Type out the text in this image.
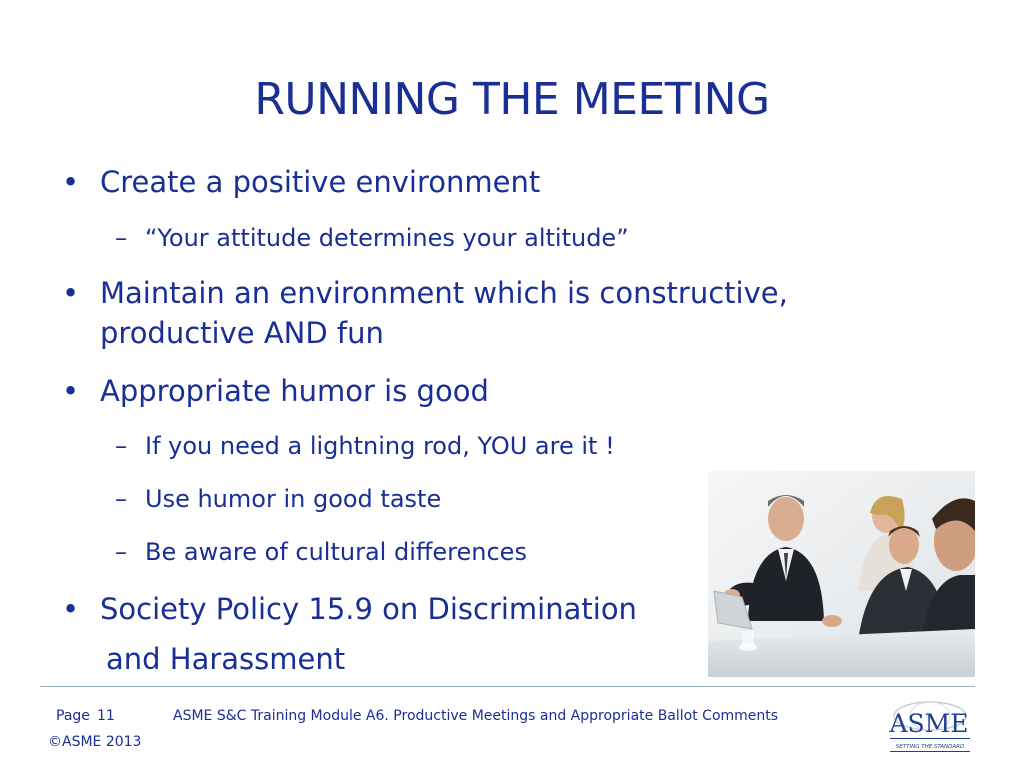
RUNNING THE MEETING
• Create a positive environment
– “Your attitude determines your altitude”
• Maintain an environment which is constructive,
productive AND fun
• Appropriate humor is good
– If you need a lightning rod, YOU are it !
– Use humor in good taste
– Be aware of cultural differences
• Society Policy 15.9 on Discrimination
and Harassment
Page 11	ASME S&C Training Module A6. Productive Meetings and Appropriate Ballot Comments
©ASME 2013
ASME
SETTING THE STANDARD
